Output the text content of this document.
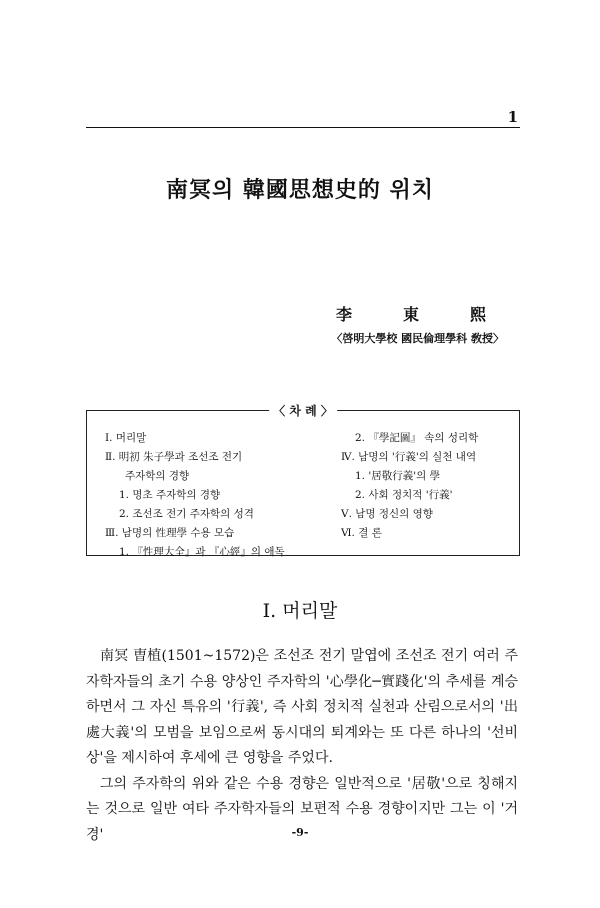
1
南冥의 韓國思想史的 위치
李	東	熙
〈啓明大學校 國民倫理學科 敎授〉
〈 차 례 〉
Ⅰ. 머리말
Ⅱ. 明初 朱子學과 조선조 전기
주자학의 경향
1. 명초 주자학의 경향
2. 조선조 전기 주자학의 성격
Ⅲ. 남명의 性理學 수용 모습
1. 『性理大全』과 『心經』의 애독
2. 『學記圖』 속의 성리학
Ⅳ. 남명의 '行義'의 실천 내역
1. '居敬行義'의 學
2. 사회 정치적 '行義'
Ⅴ. 남명 정신의 영향
Ⅵ. 결 론
Ⅰ. 머리말

南冥 曺植(1501~1572)은 조선조 전기 말엽에 조선조 전기 여러 주자학자들의 초기 수용 양상인 주자학의 '心學化─實踐化'의 추세를 계승하면서 그 자신 특유의 '行義', 즉 사회 정치적 실천과 산림으로서의 '出處大義'의 모범을 보임으로써 동시대의 퇴계와는 또 다른 하나의 '선비상'을 제시하여 후세에 큰 영향을 주었다.

그의 주자학의 위와 같은 수용 경향은 일반적으로 '居敬'으로 칭해지는 것으로 일반 여타 주자학자들의 보편적 수용 경향이지만 그는 이 '거경'	-9-
